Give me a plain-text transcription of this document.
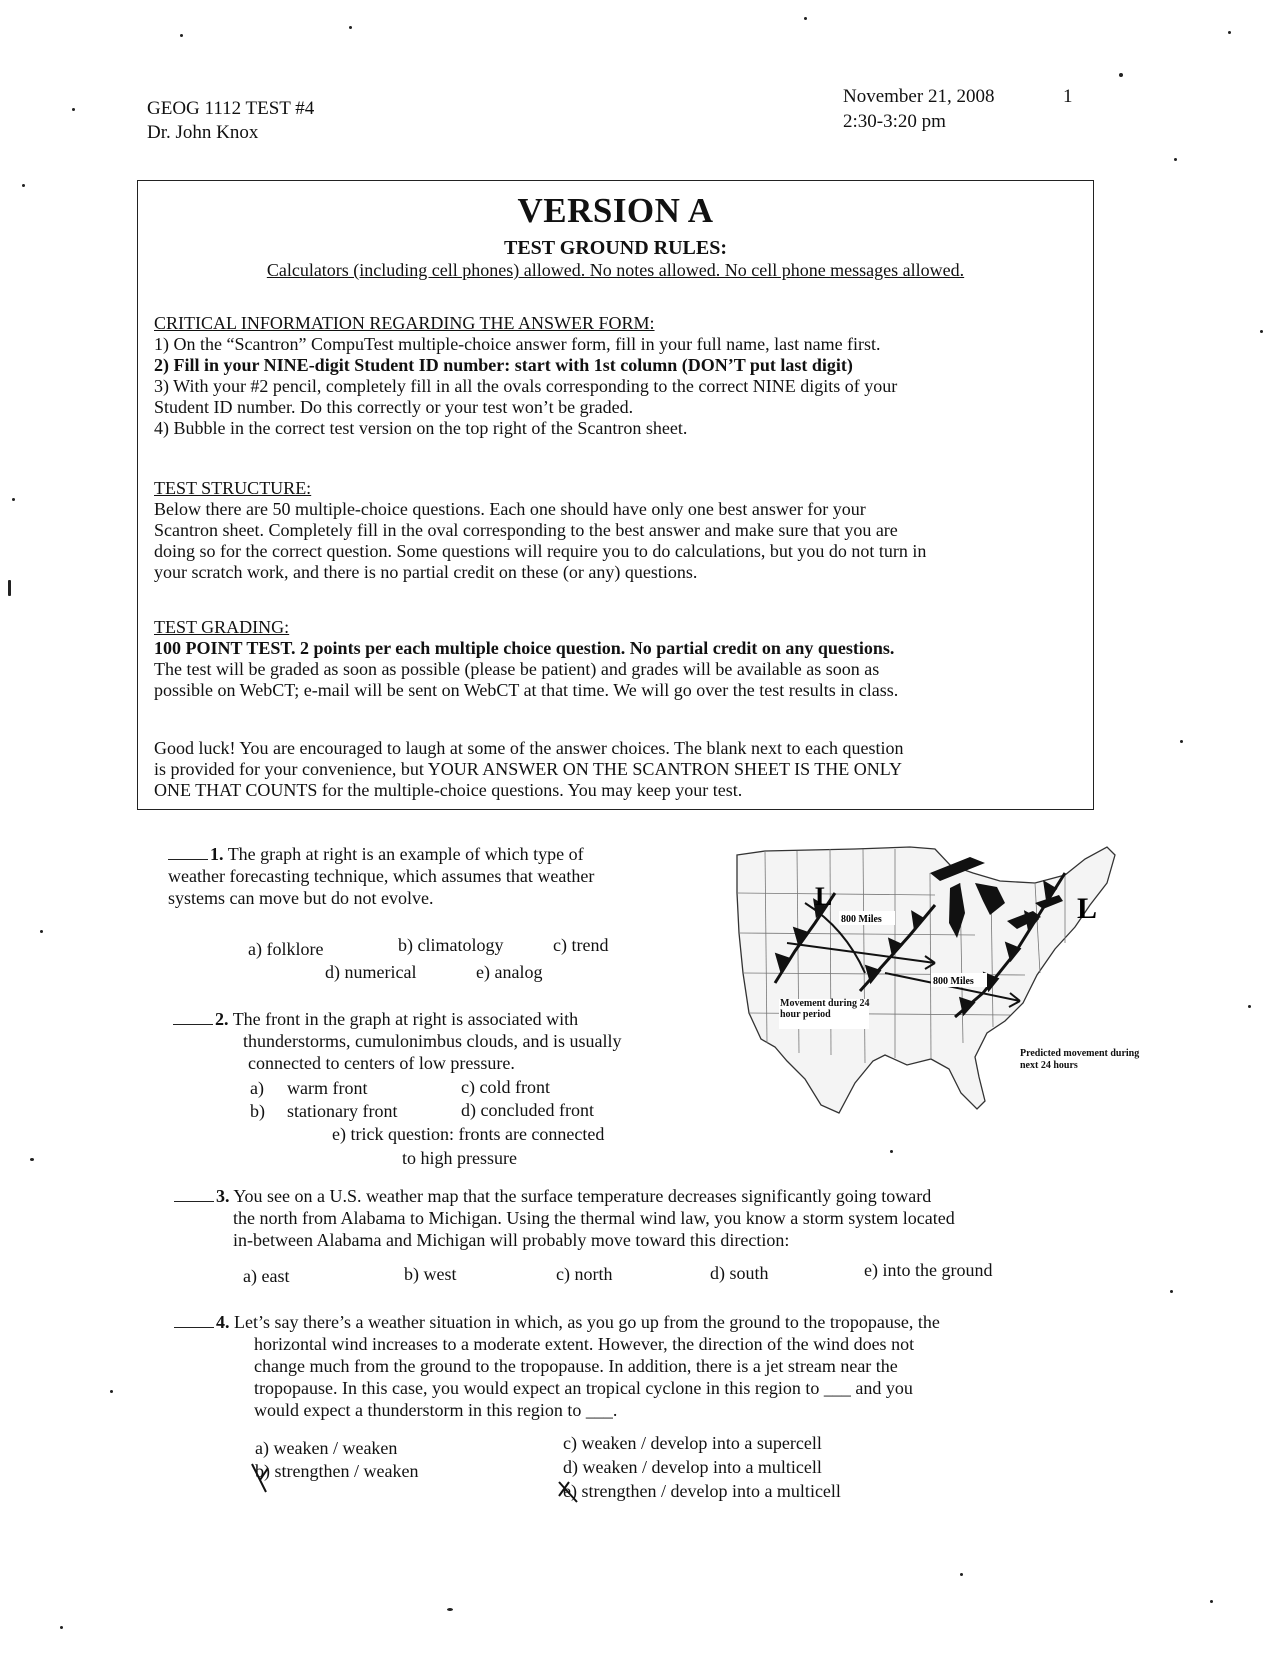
GEOG 1112 TEST #4
Dr. John Knox
November 21, 2008	1
2:30-3:20 pm
VERSION A
TEST GROUND RULES:
Calculators (including cell phones) allowed. No notes allowed. No cell phone messages allowed.
CRITICAL INFORMATION REGARDING THE ANSWER FORM:
1) On the “Scantron” CompuTest multiple-choice answer form, fill in your full name, last name first.
2) Fill in your NINE-digit Student ID number: start with 1st column (DON’T put last digit)
3) With your #2 pencil, completely fill in all the ovals corresponding to the correct NINE digits of your
Student ID number. Do this correctly or your test won’t be graded.
4) Bubble in the correct test version on the top right of the Scantron sheet.
TEST STRUCTURE:
Below there are 50 multiple-choice questions. Each one should have only one best answer for your
Scantron sheet. Completely fill in the oval corresponding to the best answer and make sure that you are
doing so for the correct question. Some questions will require you to do calculations, but you do not turn in
your scratch work, and there is no partial credit on these (or any) questions.
TEST GRADING:
100 POINT TEST. 2 points per each multiple choice question. No partial credit on any questions.
The test will be graded as soon as possible (please be patient) and grades will be available as soon as
possible on WebCT; e-mail will be sent on WebCT at that time. We will go over the test results in class.
Good luck! You are encouraged to laugh at some of the answer choices. The blank next to each question
is provided for your convenience, but YOUR ANSWER ON THE SCANTRON SHEET IS THE ONLY
ONE THAT COUNTS for the multiple-choice questions. You may keep your test.
1. The graph at right is an example of which type of
weather forecasting technique, which assumes that weather
systems can move but do not evolve.
a) folklore	b) climatology	c) trend
d) numerical	e) analog
2. The front in the graph at right is associated with
thunderstorms, cumulonimbus clouds, and is usually
connected to centers of low pressure.
a) warm front	c) cold front
b) stationary front	d) concluded front
e) trick question: fronts are connected
to high pressure
L
L
800 Miles
800 Miles
Movement during 24 hour period
Predicted movement during next 24 hours
3. You see on a U.S. weather map that the surface temperature decreases significantly going toward
the north from Alabama to Michigan. Using the thermal wind law, you know a storm system located
in-between Alabama and Michigan will probably move toward this direction:
a) east	b) west	c) north	d) south	e) into the ground
4. Let’s say there’s a weather situation in which, as you go up from the ground to the tropopause, the
horizontal wind increases to a moderate extent. However, the direction of the wind does not
change much from the ground to the tropopause. In addition, there is a jet stream near the
tropopause. In this case, you would expect an tropical cyclone in this region to ___ and you
would expect a thunderstorm in this region to ___.
a) weaken / weaken	c) weaken / develop into a supercell
b) strengthen / weaken	d) weaken / develop into a multicell
e) strengthen / develop into a multicell
